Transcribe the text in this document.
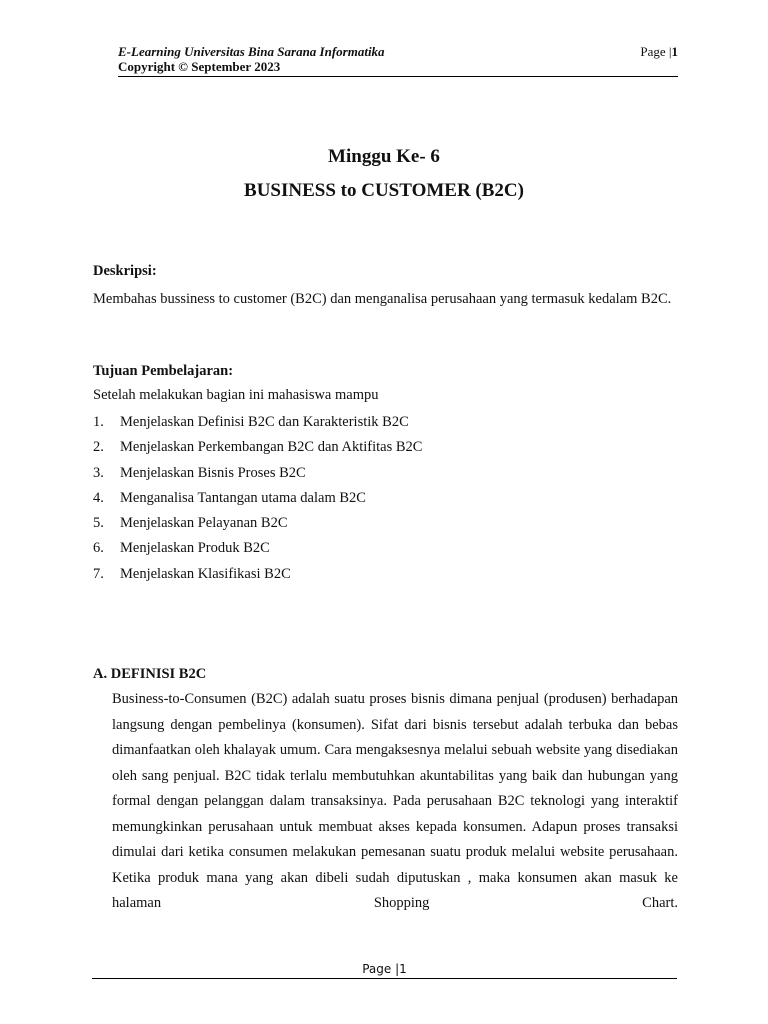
E-Learning Universitas Bina Sarana Informatika	Page |1
Copyright © September 2023
Minggu Ke- 6
BUSINESS to CUSTOMER (B2C)
Deskripsi:
Membahas bussiness to customer (B2C) dan menganalisa perusahaan yang termasuk kedalam B2C.
Tujuan Pembelajaran:
Setelah melakukan bagian ini mahasiswa mampu
1.	Menjelaskan Definisi B2C dan Karakteristik B2C
2.	Menjelaskan Perkembangan B2C dan Aktifitas B2C
3.	Menjelaskan Bisnis Proses B2C
4.	Menganalisa Tantangan utama dalam B2C
5.	Menjelaskan Pelayanan B2C
6.	Menjelaskan Produk B2C
7.	Menjelaskan Klasifikasi B2C
A. DEFINISI B2C
Business-to-Consumen (B2C) adalah suatu proses bisnis dimana penjual (produsen) berhadapan langsung dengan pembelinya (konsumen). Sifat dari bisnis tersebut adalah terbuka dan bebas dimanfaatkan oleh khalayak umum. Cara mengaksesnya melalui sebuah website yang disediakan oleh sang penjual. B2C tidak terlalu membutuhkan akuntabilitas yang baik dan hubungan yang formal dengan pelanggan dalam transaksinya. Pada perusahaan B2C teknologi yang interaktif memungkinkan perusahaan untuk membuat akses kepada konsumen. Adapun proses transaksi dimulai dari ketika consumen melakukan pemesanan suatu produk melalui website perusahaan. Ketika produk mana yang akan dibeli sudah diputuskan , maka konsumen akan masuk ke halaman Shopping Chart.
Page |1
